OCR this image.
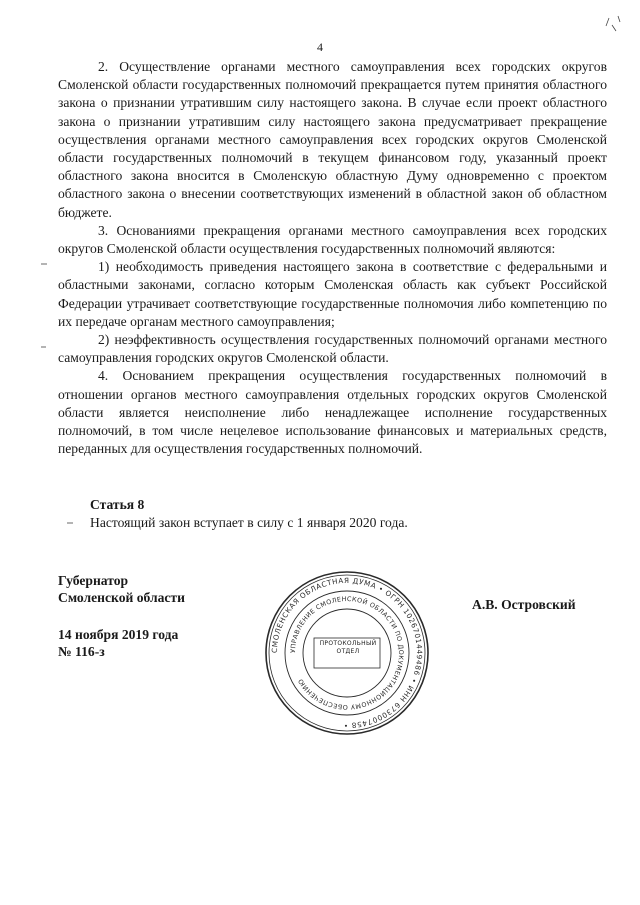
4

2. Осуществление органами местного самоуправления всех городских округов Смоленской области государственных полномочий прекращается путем принятия областного закона о признании утратившим силу настоящего закона. В случае если проект областного закона о признании утратившим силу настоящего закона предусматривает прекращение осуществления органами местного самоуправления всех городских округов Смоленской области государственных полномочий в текущем финансовом году, указанный проект областного закона вносится в Смоленскую областную Думу одновременно с проектом областного закона о внесении соответствующих изменений в областной закон об областном бюджете.

3. Основаниями прекращения органами местного самоуправления всех городских округов Смоленской области осуществления государственных полномочий являются:

1) необходимость приведения настоящего закона в соответствие с федеральными и областными законами, согласно которым Смоленская область как субъект Российской Федерации утрачивает соответствующие государственные полномочия либо компетенцию по их передаче органам местного самоуправления;

2) неэффективность осуществления государственных полномочий органами местного самоуправления городских округов Смоленской области.

4. Основанием прекращения осуществления государственных полномочий в отношении органов местного самоуправления отдельных городских округов Смоленской области является неисполнение либо ненадлежащее исполнение государственных полномочий, в том числе нецелевое использование финансовых и материальных средств, переданных для осуществления государственных полномочий.

Статья 8
Настоящий закон вступает в силу с 1 января 2020 года.
Губернатор
Смоленской области
14 ноября 2019 года
№ 116-з
А.В. Островский
СМОЛЕНСКАЯ ОБЛАСТНАЯ ДУМА • ОГРН 1026701449486 • ИНН 6730007458 •
УПРАВЛЕНИЕ СМОЛЕНСКОЙ ОБЛАСТИ ПО ДОКУМЕНТАЦИОННОМУ ОБЕСПЕЧЕНИЮ
ПРОТОКОЛЬНЫЙ
ОТДЕЛ
